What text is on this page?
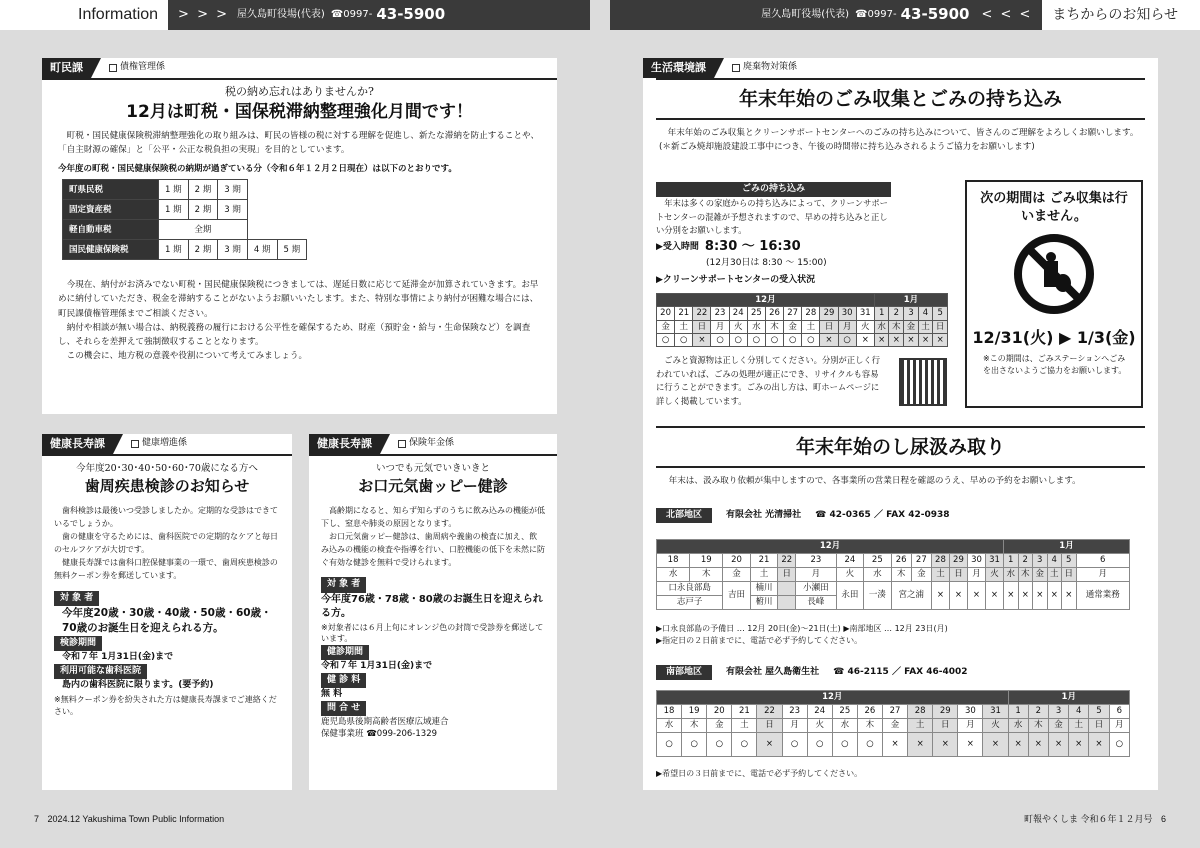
Information	> > > 屋久島町役場(代表) ☎0997- 43-5900	屋久島町役場(代表) ☎0997- 43-5900 < < <	まちからのお知らせ
町民課	債権管理係
税の納め忘れはありませんか?
12月は町税・国保税滞納整理強化月間です！
町税・国民健康保険税滞納整理強化の取り組みは、町民の皆様の税に対する理解を促進し、新たな滞納を防止することや、「自主財源の確保」と「公平・公正な税負担の実現」を目的としています。
今年度の町税・国民健康保険税の納期が過ぎている分（令和６年１２月２日現在）は以下のとおりです。
町県民税	1 期	2 期	3 期		
固定資産税	1 期	2 期	3 期		
軽自動車税	全期				
国民健康保険税	1 期	2 期	3 期	4 期	5 期
今現在、納付がお済みでない町税・国民健康保険税につきましては、遅延日数に応じて延滞金が加算されていきます。お早めに納付していただき、税金を滞納することがないようお願いいたします。また、特別な事情により納付が困難な場合には、町民課債権管理係までご相談ください。
納付や相談が無い場合は、納税義務の履行における公平性を確保するため、財産（預貯金・給与・生命保険など）を調査し、それらを差押えて強制徴収することとなります。
この機会に、地方税の意義や役割について考えてみましょう。
健康長寿課	健康増進係
今年度20･30･40･50･60･70歳になる方へ
歯周疾患検診のお知らせ
歯科検診は最後いつ受診しましたか。定期的な受診はできているでしょうか。
歯の健康を守るためには、歯科医院での定期的なケアと毎日のセルフケアが大切です。
健康長寿課では歯科口腔保健事業の一環で、歯周疾患検診の無料クーポン券を郵送しています。
対 象 者
今年度20歳・30歳・40歳・50歳・60歳・70歳のお誕生日を迎えられる方。
検診期間
令和７年 1月31日(金)まで
利用可能な歯科医院
島内の歯科医院に限ります。(要予約)
※無料クーポン券を紛失された方は健康長寿課までご連絡ください。
健康長寿課	保険年金係
いつでも元気でいきいきと
お口元気歯ッピー健診
高齢期になると、知らず知らずのうちに飲み込みの機能が低下し、窒息や肺炎の原因となります。
お口元気歯ッピー健診は、歯周病や義歯の検査に加え、飲み込みの機能の検査や指導を行い、口腔機能の低下を未然に防ぐ有効な健診を無料で受けられます。
対 象 者
今年度76歳・78歳・80歳のお誕生日を迎えられる方。
※対象者には６月上旬にオレンジ色の封筒で受診券を郵送しています。
健診期間
令和７年 1月31日(金)まで
健 診 料
無 料
問 合 せ
鹿児島県後期高齢者医療広域連合
保健事業班 ☎099-206-1329
生活環境課	廃棄物対策係
年末年始のごみ収集とごみの持ち込み
年末年始のごみ収集とクリーンサポートセンターへのごみの持ち込みについて、皆さんのご理解をよろしくお願いします。(＊新ごみ焼却施設建設工事中につき、午後の時間帯に持ち込みされるようご協力をお願いします)
ごみの持ち込み
年末は多くの家庭からの持ち込みによって、クリーンサポートセンターの混雑が予想されますので、早めの持ち込みと正しい分別をお願いします。
▶受入時間 8:30 〜 16:30
(12月30日は 8:30 〜 15:00)
▶クリーンサポートセンターの受入状況
12月												1月				
20	21	22	23	24	25	26	27	28	29	30	31	1	2	3	4	5
金	土	日	月	火	水	木	金	土	日	月	火	水	木	金	土	日
○	○	×	○	○	○	○	○	○	×	○	×	×	×	×	×	×
ごみと資源物は正しく分別してください。分別が正しく行われていれば、ごみの処理が適正にでき、リサイクルも容易に行うことができます。ごみの出し方は、町ホームページに詳しく掲載しています。
次の期間は ごみ収集は行いません。
12/31(火) ▶ 1/3(金)
※この期間は、ごみステーションへごみを出さないようご協力をお願いします。
年末年始のし尿汲み取り
年末は、汲み取り依頼が集中しますので、各事業所の営業日程を確認のうえ、早めの予約をお願いします。
北部地区	有限会社 光清掃社 ☎ 42-0365 ／ FAX 42-0938
12月														1月					
18	19	20	21	22	23	24	25	26	27	28	29	30	31	1	2	3	4	5	6
水	木	金	土	日	月	火	水	木	金	土	日	月	火	水	木	金	土	日	月
口永良部島		吉田	楠川		小瀬田	永田	一湊	宮之浦		×	×	×	×	×	×	×	×	×	通常業務
志戸子			椨川		長峰														
▶口永良部島の予備日 … 12月 20日(金)〜21日(土) ▶南部地区 … 12月 23日(月)
▶指定日の２日前までに、電話で必ず予約してください。
南部地区	有限会社 屋久島衛生社 ☎ 46-2115 ／ FAX 46-4002
12月														1月					
18	19	20	21	22	23	24	25	26	27	28	29	30	31	1	2	3	4	5	6
水	木	金	土	日	月	火	水	木	金	土	日	月	火	水	木	金	土	日	月
○	○	○	○	×	○	○	○	○	×	×	×	×	×	×	×	×	×	×	○
▶希望日の３日前までに、電話で必ず予約してください。
7 2024.12 Yakushima Town Public Information	町報やくしま 令和６年１２月号 6
